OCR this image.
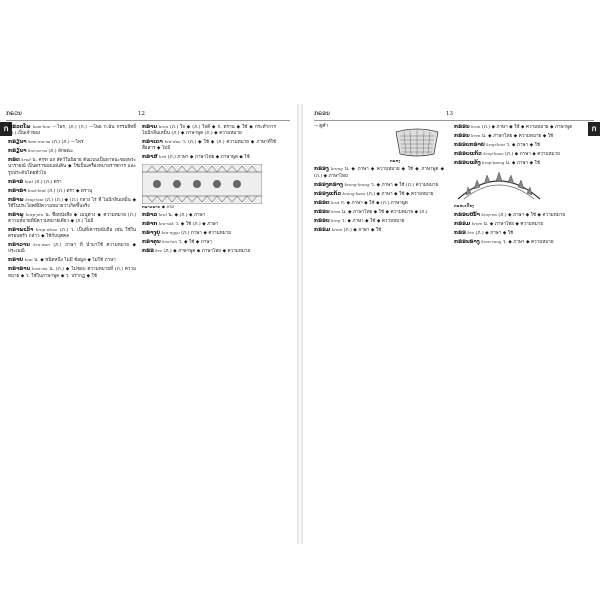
ກຣວນ	12
ก ກຣວດໂພ kam-hoe —ไพร, (ภ.) (ก.) —ไพย ก.ฉัน กรรมสิทธิ์ (ภ.) เป็นเจ้าของ
ກຣຽນາ kam-ma-na (ภ.) (ภ.) —ไพร
ກຣຽນາ kra-va-na (ภ.) ลักษณะ
ກຣດ krud น. ครุฑ นก สัตว์ในนิยาย ต้นแบบเป็นพาหนะของพระนารายณ์ เป็นตราของแผ่นดิน ◆ ใช้เป็นเครื่องหมายราชการ และรูปประดับโดยทั่วไป
ກຣາຣ krat (ภ.) (ภ.) ตรา
ກຣາຣາ krat-krat (ภ.) (ภ.) ตรา ◆ ตรานุ
ກຣາພ krap-tsai (ภ.) (ภ.) ◆ (ภ.) กลาง ไร่ ที่ ไม่มีกลิ่นเหม็น ◆ ใช้ในประโยคที่มีความหมายว่าเกิดขึ้นจริง
ກຣາພູ krap-pru น. ชื่อหนังสือ ◆ เมนูต่าง ◆ ความหมาย (ภ.) ความหมายที่มีความหมายเดียว ◆ (ภ.) ไม่มี
ກຣາພເວ້າ krap-whao (ภ.) ว. เป็นที่เคารพนับถือ เช่น ใช้ในครอบครัว กล่าว ◆ ใช้กับบุคคล
ກຣາວານ kra-wan (ภ.) ภาษา ที่ นำมาใช้ ความหมาย ◆ ประเพณี
ກຣາຍ krai น. ◆ ชนิดหนึ่ง ไม่มี ข้อมูล ◆ ไม่ใช้ ภาษา
ກຣາຣານ krai-ma น. (ภ.) ◆ ไม่ชอบ ความหมายที่ (ภ.) ความหมาย ◆ ว. ใช้ในภาษาพูด ◆ ว. ปรากฏ ◆ ใช้
ກຣານ krun (ภ.) ใจ ◆ (ภ.) ใจดี ◆ ก. ตราน ◆ ใช้ ◆ กระทำการ ไม่มีกลิ่นเหม็น (ภ.) ◆ ภาษาพูด (ภ.) ◆ ความหมาย
ກຣາເດາ krit-dao ว. (ภ.) ◆ ใช้ ◆ (ภ.) ความหมาย ◆ ภาษาที่ใช้สื่อสาร ◆ ไม่มี
ກຣາສ krit (ภ.) ภาษา ◆ ภาษาไทย ◆ ภาษาพูด ◆ ใช้
ກຣາວລາຍ ◆ ลาย
ກຣາລ krul น. ◆ (ภ.) ◆ ภาษา
ກຣາກ kra-sak ว. ◆ ใช้ (ภ.) ◆ ภาษา
ກຣາງຍຸ kra-ngyu (ภ.) ภาษา ◆ ความหมาย
ກຣາຕຸນ kra-tun ว. ◆ ใช้ ◆ ภาษา
ກຣອ kro (ภ.) ◆ ภาษาพูด ◆ ภาษาไทย ◆ ความหมาย
ກຣອນ	13
ก
→ ดูคำ
ກຣອງ
ກຣອງ krong น. ◆ ภาษา ◆ ความหมาย ◆ ใช้ ◆ ภาษาพูด ◆ (ภ.) ◆ ภาษาไทย
ກຣອງກຣາງ krong-krang ว. ◆ ภาษา ◆ ใช้ (ภ.) ความหมาย
ກຣອງແກ້ວ krong-kaeo (ภ.) ◆ ภาษา ◆ ใช้ ◆ ความหมาย
ກຣອດ krot ก. ◆ ภาษา ◆ ใช้ ◆ (ภ.) ภาษาพูด
ກຣອນ kron น. ◆ ภาษาไทย ◆ ใช้ ◆ ความหมาย ◆ (ภ.)
ກຣອບ krop ว. ◆ ภาษา ◆ ใช้ ◆ ความหมาย
ກຣອມ krom (ภ.) ◆ ภาษา ◆ ใช้
ກຣອນ kron (ภ.) ◆ ภาษา ◆ ใช้ ◆ ความหมาย ◆ ภาษาพูด
ກຣອນ kron น. ◆ ภาษาไทย ◆ ความหมาย ◆ ใช้
ກຣອບກຣາຍ krop-krai ว. ◆ ภาษา ◆ ใช้
ກຣອບແກ້ວ krop-kaeo (ภ.) ◆ ภาษา ◆ ความหมาย
ກຣອບແຕ້ງ krop-taeng น. ◆ ภาษา ◆ ใช้
ກຣອບເຄື່ອງ
ກຣອບໜ້າ krop-na (ภ.) ◆ ภาษา ◆ ใช้ ◆ ความหมาย
ກຣອມ krom น. ◆ ภาษาไทย ◆ ความหมาย
ກຣອ kro (ภ.) ◆ ภาษา ◆ ใช้
ກຣອນຣາງ kron-rang ว. ◆ ภาษา ◆ ความหมาย
